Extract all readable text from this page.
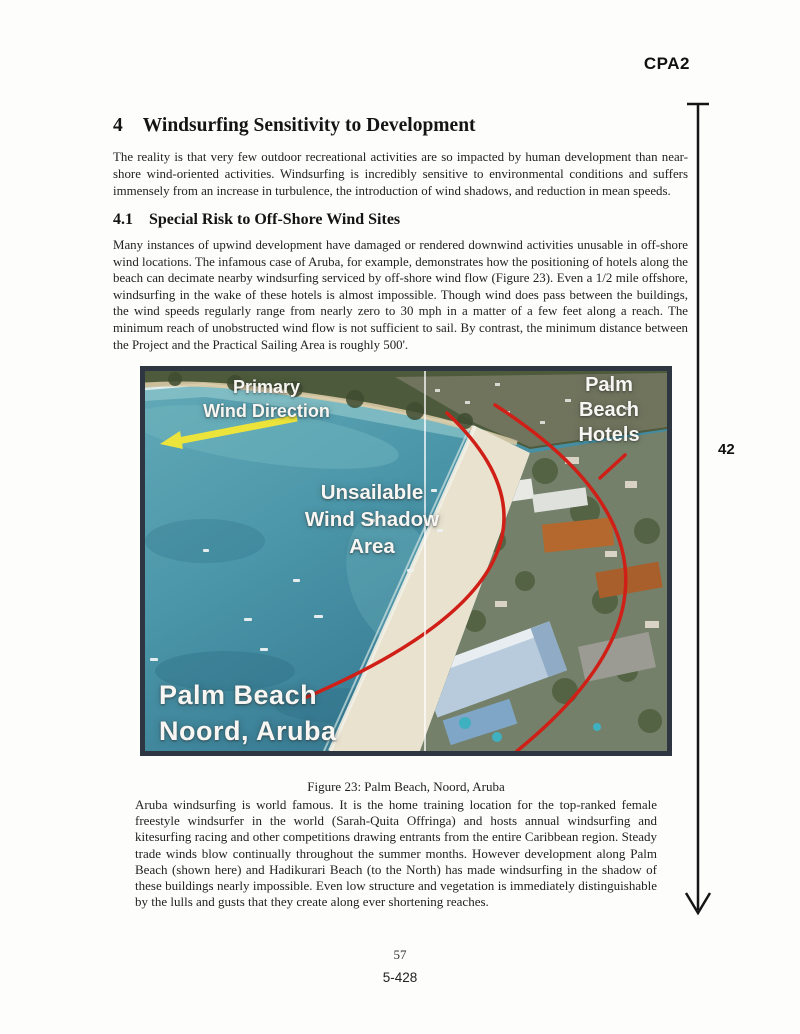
CPA2
4 Windsurfing Sensitivity to Development
The reality is that very few outdoor recreational activities are so impacted by human development than near-shore wind-oriented activities. Windsurfing is incredibly sensitive to environmental conditions and suffers immensely from an increase in turbulence, the introduction of wind shadows, and reduction in mean speeds.
4.1 Special Risk to Off-Shore Wind Sites
Many instances of upwind development have damaged or rendered downwind activities unusable in off-shore wind locations. The infamous case of Aruba, for example, demonstrates how the positioning of hotels along the beach can decimate nearby windsurfing serviced by off-shore wind flow (Figure 23). Even a 1/2 mile offshore, windsurfing in the wake of these hotels is almost impossible. Though wind does pass between the buildings, the wind speeds regularly range from nearly zero to 30 mph in a matter of a few feet along a reach. The minimum reach of unobstructed wind flow is not sufficient to sail. By contrast, the minimum distance between the Project and the Practical Sailing Area is roughly 500'.
Primary
Wind Direction
Palm
Beach
Hotels
Unsailable
Wind Shadow
Area
Palm Beach
Noord, Aruba
Figure 23: Palm Beach, Noord, Aruba
Aruba windsurfing is world famous. It is the home training location for the top-ranked female freestyle windsurfer in the world (Sarah-Quita Offringa) and hosts annual windsurfing and kitesurfing racing and other competitions drawing entrants from the entire Caribbean region. Steady trade winds blow continually throughout the summer months. However development along Palm Beach (shown here) and Hadikurari Beach (to the North) has made windsurfing in the shadow of these buildings nearly impossible. Even low structure and vegetation is immediately distinguishable by the lulls and gusts that they create along ever shortening reaches.
42
57
5-428
